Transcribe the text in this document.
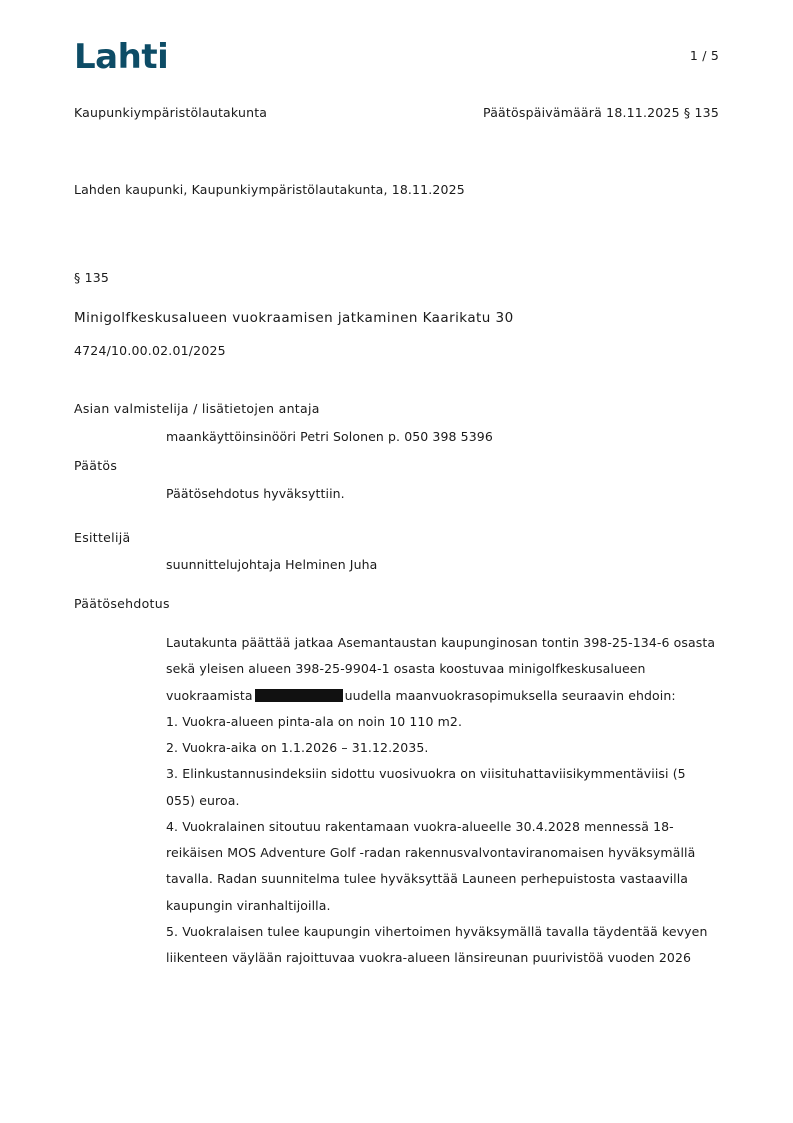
Lahti	1 / 5
Kaupunkiympäristölautakunta	Päätöspäivämäärä 18.11.2025 § 135
Lahden kaupunki, Kaupunkiympäristölautakunta, 18.11.2025
§ 135
Minigolfkeskusalueen vuokraamisen jatkaminen Kaarikatu 30
4724/10.00.02.01/2025
Asian valmistelija / lisätietojen antaja
maankäyttöinsinööri Petri Solonen p. 050 398 5396
Päätös
Päätösehdotus hyväksyttiin.
Esittelijä
suunnittelujohtaja Helminen Juha
Päätösehdotus

Lautakunta päättää jatkaa Asemantaustan kaupunginosan tontin 398-25-134-6 osasta sekä yleisen alueen 398-25-9904-1 osasta koostuvaa minigolfkeskusalueen vuokraamista	uudella maanvuokrasopimuksella seuraavin ehdoin:

1. Vuokra-alueen pinta-ala on noin 10 110 m2.

2. Vuokra-aika on 1.1.2026 – 31.12.2035.

3. Elinkustannusindeksiin sidottu vuosivuokra on viisituhattaviisikymmentäviisi (5 055) euroa.

4. Vuokralainen sitoutuu rakentamaan vuokra-alueelle 30.4.2028 mennessä 18-reikäisen MOS Adventure Golf -radan rakennusvalvontaviranomaisen hyväksymällä tavalla. Radan suunnitelma tulee hyväksyttää Launeen perhepuistosta vastaavilla kaupungin viranhaltijoilla.

5. Vuokralaisen tulee kaupungin vihertoimen hyväksymällä tavalla täydentää kevyen liikenteen väylään rajoittuvaa vuokra-alueen länsireunan puurivistöä vuoden 2026
